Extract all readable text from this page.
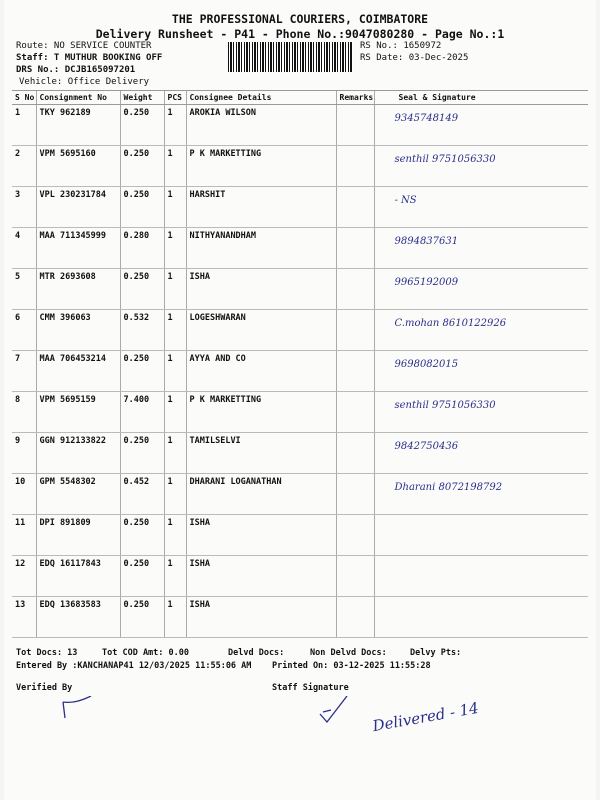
THE PROFESSIONAL COURIERS, COIMBATORE
Delivery Runsheet - P41 - Phone No.:9047080280 - Page No.:1
Route: NO SERVICE COUNTER
Staff: T MUTHUR BOOKING OFF
DRS No.: DCJB165097201
Vehicle: Office Delivery
RS No.: 1650972
RS Date: 03-Dec-2025
S No	Consignment No	Weight	PCS	Consignee Details	Remarks	Seal & Signature
1	TKY 962189	0.250	1	AROKIA WILSON		9345748149
2	VPM 5695160	0.250	1	P K MARKETTING		senthil 9751056330
3	VPL 230231784	0.250	1	HARSHIT		- NS
4	MAA 711345999	0.280	1	NITHYANANDHAM		9894837631
5	MTR 2693608	0.250	1	ISHA		9965192009
6	CMM 396063	0.532	1	LOGESHWARAN		C.mohan 8610122926
7	MAA 706453214	0.250	1	AYYA AND CO		9698082015
8	VPM 5695159	7.400	1	P K MARKETTING		senthil 9751056330
9	GGN 912133822	0.250	1	TAMILSELVI		9842750436
10	GPM 5548302	0.452	1	DHARANI LOGANATHAN		Dharani 8072198792
11	DPI 891809	0.250	1	ISHA		
12	EDQ 16117843	0.250	1	ISHA		
13	EDQ 13683583	0.250	1	ISHA		
Tot Docs: 13	Tot COD Amt: 0.00	Delvd Docs:	Non Delvd Docs:	Delvy Pts:
Entered By :KANCHANAP41 12/03/2025 11:55:06 AM Printed On: 03-12-2025 11:55:28
Verified By	Staff Signature
Delivered - 14
